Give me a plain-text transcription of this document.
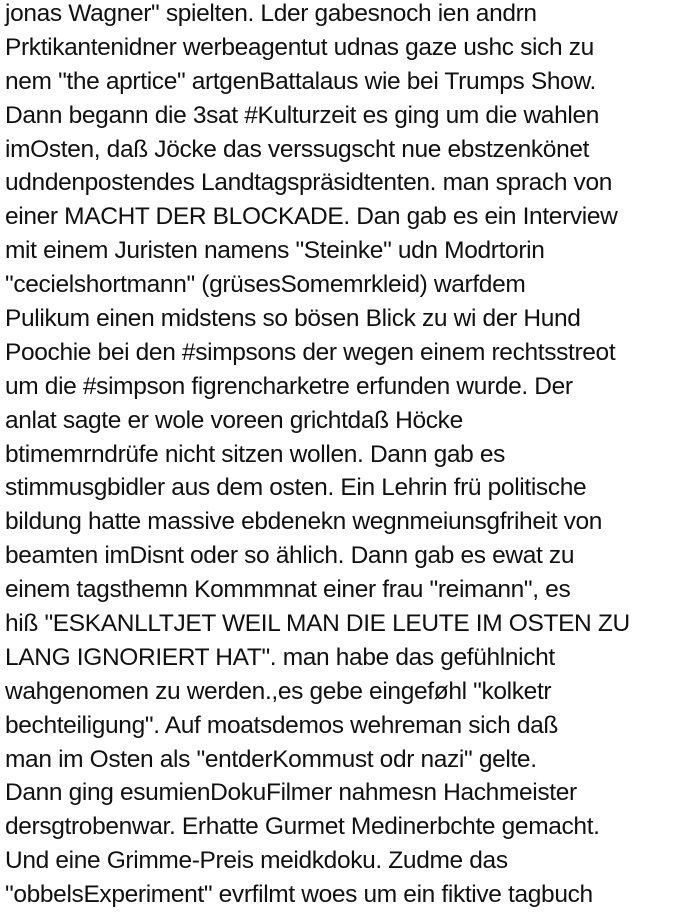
jonas Wagner" spielten. Lder gabesnoch ien andrn
Prktikantenidner werbeagentut udnas gaze ushc sich zu
nem "the aprtice" artgenBattalaus wie bei Trumps Show.
Dann begann die 3sat #Kulturzeit es ging um die wahlen
imOsten, daß Jöcke das verssugscht nue ebstzenkönet
udndenpostendes Landtagspräsidtenten. man sprach von
einer MACHT DER BLOCKADE. Dan gab es ein Interview
mit einem Juristen namens "Steinke" udn Modrtorin
"cecielshortmann" (grüsesSomemrkleid) warfdem
Pulikum einen midstens so bösen Blick zu wi der Hund
Poochie bei den #simpsons der wegen einem rechtsstreot
um die #simpson figrencharketre erfunden wurde. Der
anlat sagte er wole voreen grichtdaß Höcke
btimemrndrüfe nicht sitzen wollen. Dann gab es
stimmusgbidler aus dem osten. Ein Lehrin frü politische
bildung hatte massive ebdenekn wegnmeiunsgfriheit von
beamten imDisnt oder so ählich. Dann gab es ewat zu
einem tagsthemn Kommmnat einer frau "reimann", es
hiß "ESKANLLTJET WEIL MAN DIE LEUTE IM OSTEN ZU
LANG IGNORIERT HAT". man habe das gefühlnicht
wahgenomen zu werden.,es gebe eingeføhl "kolketr
bechteiligung". Auf moatsdemos wehreman sich daß
man im Osten als "entderKommust odr nazi" gelte.
Dann ging esumienDokuFilmer nahmesn Hachmeister
dersgtrobenwar. Erhatte Gurmet Medinerbchte gemacht.
Und eine Grimme-Preis meidkdoku. Zudme das
"obbelsExperiment" evrfilmt woes um ein fiktive tagbuch
